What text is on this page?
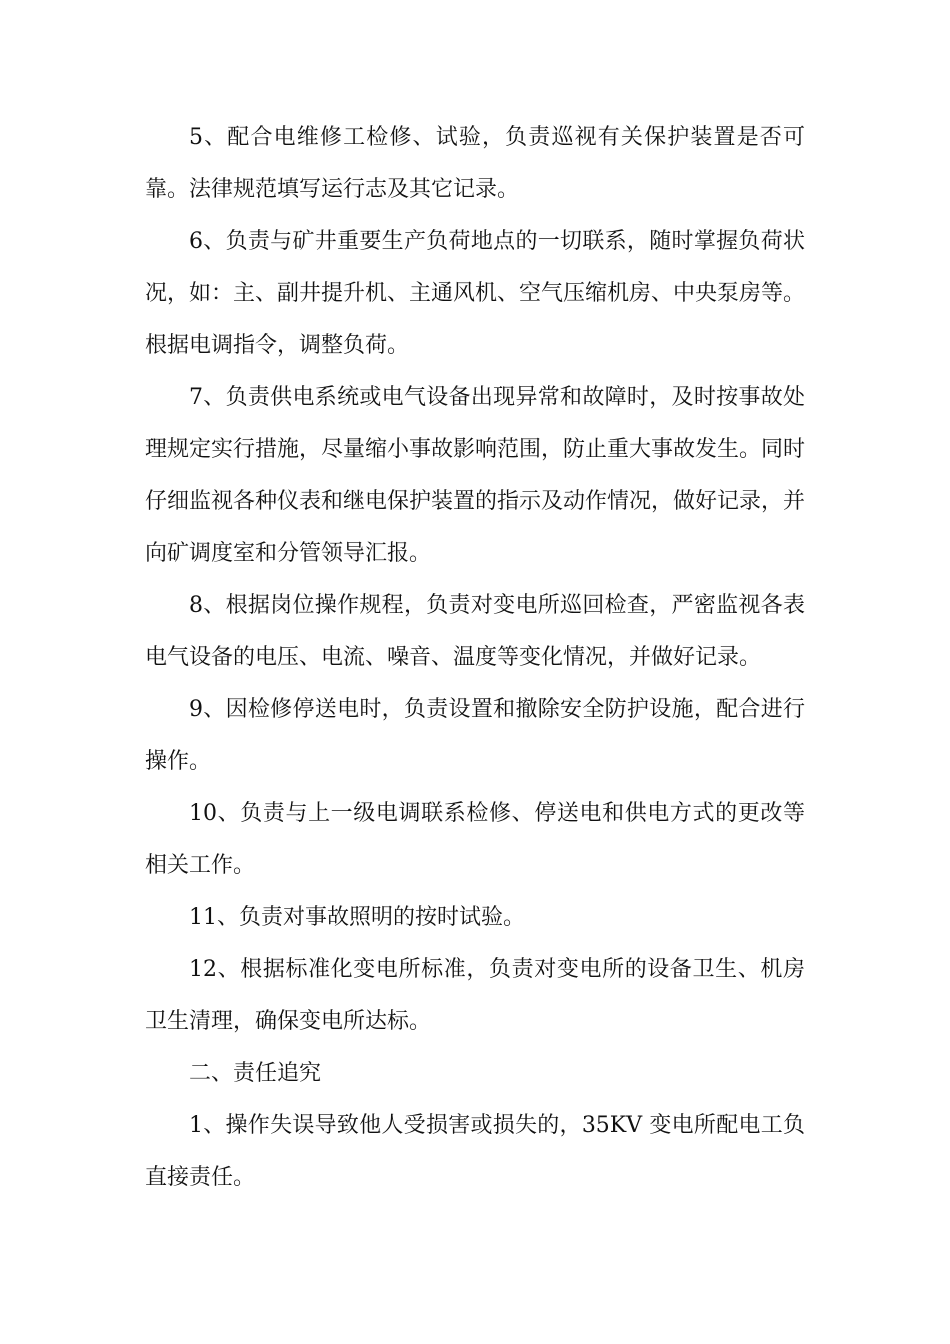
5、配合电维修工检修、试验，负责巡视有关保护装置是否可靠。法律规范填写运行志及其它记录。

6、负责与矿井重要生产负荷地点的一切联系，随时掌握负荷状况，如：主、副井提升机、主通风机、空气压缩机房、中央泵房等。根据电调指令，调整负荷。

7、负责供电系统或电气设备出现异常和故障时，及时按事故处理规定实行措施，尽量缩小事故影响范围，防止重大事故发生。同时仔细监视各种仪表和继电保护装置的指示及动作情况，做好记录，并向矿调度室和分管领导汇报。

8、根据岗位操作规程，负责对变电所巡回检查，严密监视各表电气设备的电压、电流、噪音、温度等变化情况，并做好记录。

9、因检修停送电时，负责设置和撤除安全防护设施，配合进行操作。

10、负责与上一级电调联系检修、停送电和供电方式的更改等相关工作。

11、负责对事故照明的按时试验。

12、根据标准化变电所标准，负责对变电所的设备卫生、机房卫生清理，确保变电所达标。

二、责任追究

1、操作失误导致他人受损害或损失的，35KV 变电所配电工负直接责任。
